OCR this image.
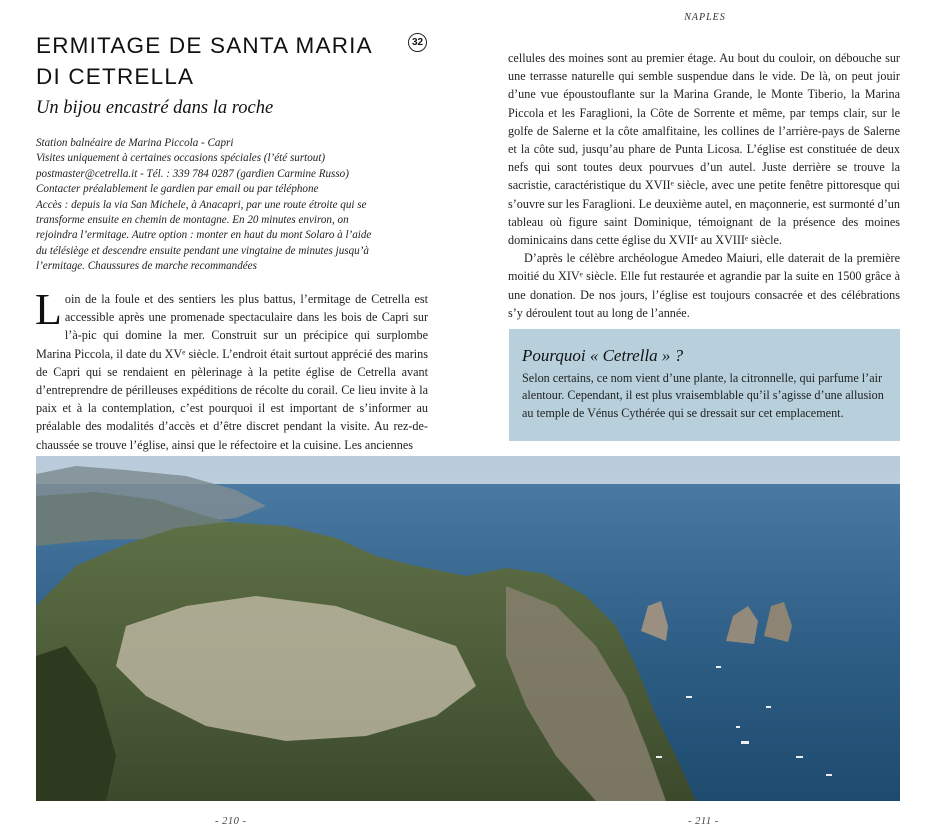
NAPLES
ERMITAGE DE SANTA MARIA
DI CETRELLA
32
Un bijou encastré dans la roche
Station balnéaire de Marina Piccola - Capri
Visites uniquement à certaines occasions spéciales (l’été surtout)
postmaster@cetrella.it - Tél. : 339 784 0287 (gardien Carmine Russo)
Contacter préalablement le gardien par email ou par téléphone
Accès : depuis la via San Michele, à Anacapri, par une route étroite qui se
transforme ensuite en chemin de montagne. En 20 minutes environ, on
rejoindra l’ermitage. Autre option : monter en haut du mont Solaro à l’aide
du télésiège et descendre ensuite pendant une vingtaine de minutes jusqu’à
l’ermitage. Chaussures de marche recommandées
Loin de la foule et des sentiers les plus battus, l’ermitage de Cetrella est accessible après une promenade spectaculaire dans les bois de Capri sur l’à-pic qui domine la mer. Construit sur un précipice qui surplombe Marina Piccola, il date du XVᵉ siècle. L’endroit était surtout apprécié des marins de Capri qui se rendaient en pèlerinage à la petite église de Cetrella avant d’entreprendre de périlleuses expéditions de récolte du corail. Ce lieu invite à la paix et à la contemplation, c’est pourquoi il est important de s’informer au préalable des modalités d’accès et d’être discret pendant la visite. Au rez-de-chaussée se trouve l’église, ainsi que le réfectoire et la cuisine. Les anciennes

cellules des moines sont au premier étage. Au bout du couloir, on débouche sur une terrasse naturelle qui semble suspendue dans le vide. De là, on peut jouir d’une vue époustouflante sur la Marina Grande, le Monte Tiberio, la Marina Piccola et les Faraglioni, la Côte de Sorrente et même, par temps clair, sur le golfe de Salerne et la côte amalfitaine, les collines de l’arrière-pays de Salerne et la côte sud, jusqu’au phare de Punta Licosa. L’église est constituée de deux nefs qui sont toutes deux pourvues d’un autel. Juste derrière se trouve la sacristie, caractéristique du XVIIᵉ siècle, avec une petite fenêtre pittoresque qui s’ouvre sur les Faraglioni. Le deuxième autel, en maçonnerie, est surmonté d’un tableau où figure saint Dominique, témoignant de la présence des moines dominicains dans cette église du XVIIᵉ au XVIIIᵉ siècle.

D’après le célèbre archéologue Amedeo Maiuri, elle daterait de la première moitié du XIVᵉ siècle. Elle fut restaurée et agrandie par la suite en 1500 grâce à une donation. De nos jours, l’église est toujours consacrée et des célébrations s’y déroulent tout au long de l’année.

Pourquoi « Cetrella » ?
Selon certains, ce nom vient d’une plante, la citronnelle, qui parfume l’air alentour. Cependant, il est plus vraisemblable qu’il s’agisse d’une allusion au temple de Vénus Cythérée qui se dressait sur cet emplacement.
- 210 -	- 211 -
